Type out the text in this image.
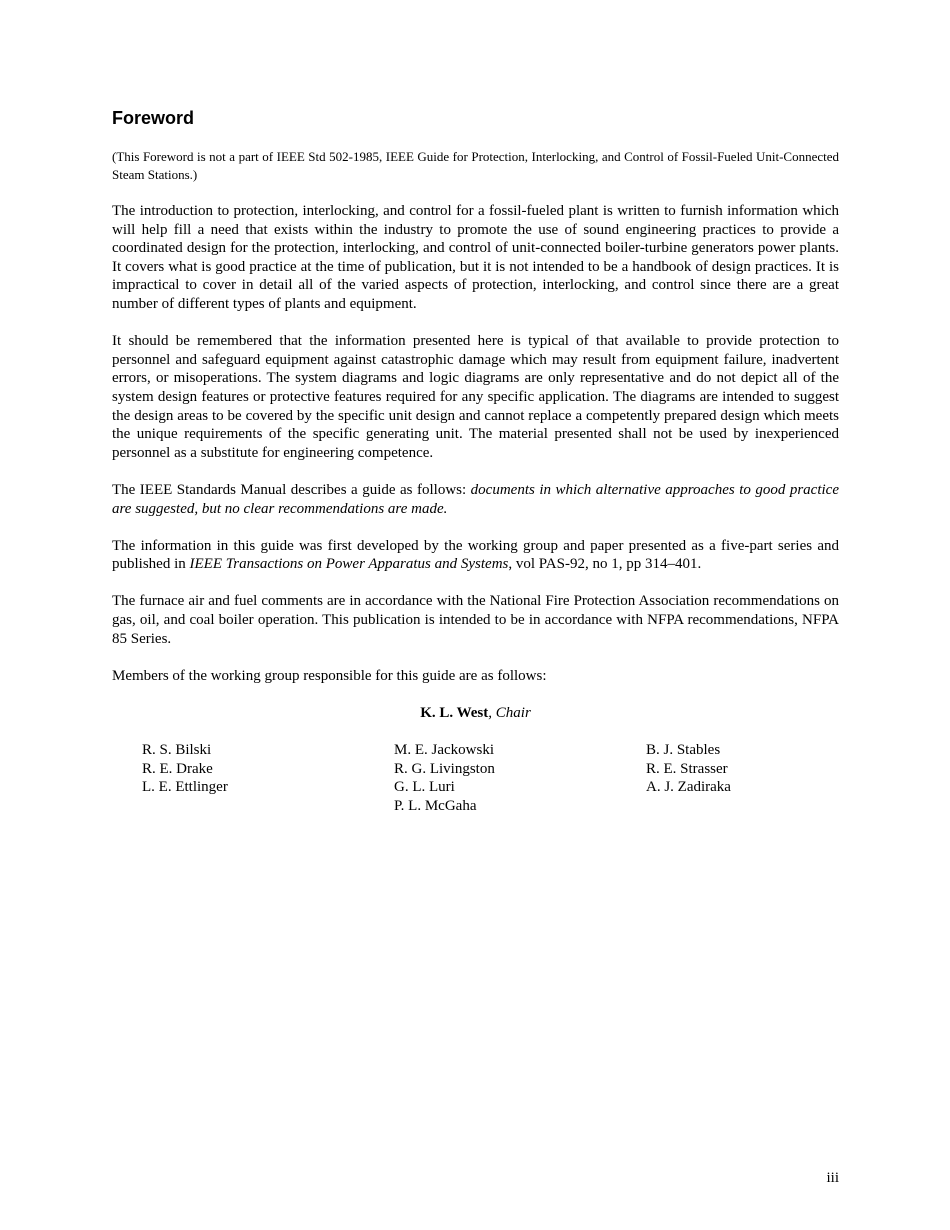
Foreword
(This Foreword is not a part of IEEE Std 502-1985, IEEE Guide for Protection, Interlocking, and Control of Fossil-Fueled Unit-Connected Steam Stations.)

The introduction to protection, interlocking, and control for a fossil-fueled plant is written to furnish information which will help fill a need that exists within the industry to promote the use of sound engineering practices to provide a coordinated design for the protection, interlocking, and control of unit-connected boiler-turbine generators power plants. It covers what is good practice at the time of publication, but it is not intended to be a handbook of design practices. It is impractical to cover in detail all of the varied aspects of protection, interlocking, and control since there are a great number of different types of plants and equipment.

It should be remembered that the information presented here is typical of that available to provide protection to personnel and safeguard equipment against catastrophic damage which may result from equipment failure, inadvertent errors, or misoperations. The system diagrams and logic diagrams are only representative and do not depict all of the system design features or protective features required for any specific application. The diagrams are intended to suggest the design areas to be covered by the specific unit design and cannot replace a competently prepared design which meets the unique requirements of the specific generating unit. The material presented shall not be used by inexperienced personnel as a substitute for engineering competence.

The IEEE Standards Manual describes a guide as follows: documents in which alternative approaches to good practice are suggested, but no clear recommendations are made.

The information in this guide was first developed by the working group and paper presented as a five-part series and published in IEEE Transactions on Power Apparatus and Systems, vol PAS-92, no 1, pp 314–401.

The furnace air and fuel comments are in accordance with the National Fire Protection Association recommendations on gas, oil, and coal boiler operation. This publication is intended to be in accordance with NFPA recommendations, NFPA 85 Series.

Members of the working group responsible for this guide are as follows:

K. L. West, Chair
R. S. Bilski
R. E. Drake
L. E. Ettlinger
M. E. Jackowski
R. G. Livingston
G. L. Luri
P. L. McGaha
B. J. Stables
R. E. Strasser
A. J. Zadiraka
iii
